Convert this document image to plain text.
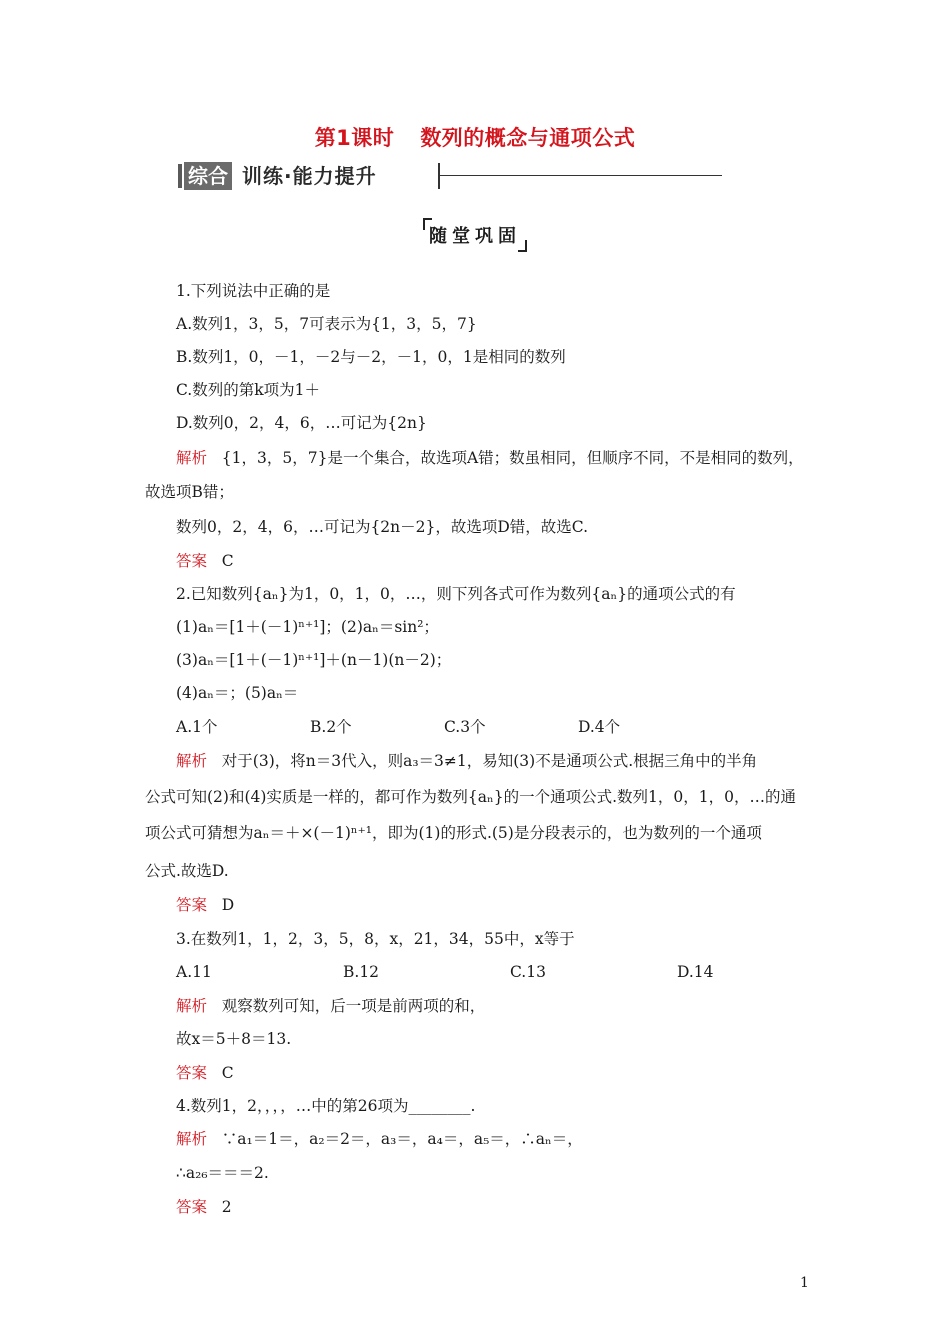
第1课时 数列的概念与通项公式
综合 训练·能力提升
随堂巩固
1.下列说法中正确的是
A.数列1，3，5，7可表示为{1，3，5，7}
B.数列1，0，－1，－2与－2，－1，0，1是相同的数列
C.数列的第k项为1＋
D.数列0，2，4，6，…可记为{2n}
解析 {1，3，5，7}是一个集合，故选项A错；数虽相同，但顺序不同，不是相同的数列，
故选项B错；
数列0，2，4，6，…可记为{2n－2}，故选项D错，故选C.
答案 C
2.已知数列{aₙ}为1，0，1，0，…，则下列各式可作为数列{aₙ}的通项公式的有
(1)aₙ＝[1＋(－1)ⁿ⁺¹]；(2)aₙ＝sin²；
(3)aₙ＝[1＋(－1)ⁿ⁺¹]＋(n－1)(n－2)；
(4)aₙ＝；(5)aₙ＝
A.1个	B.2个	C.3个	D.4个
解析 对于(3)，将n＝3代入，则a₃＝3≠1，易知(3)不是通项公式.根据三角中的半角
公式可知(2)和(4)实质是一样的，都可作为数列{aₙ}的一个通项公式.数列1，0，1，0，…的通
项公式可猜想为aₙ＝＋×(－1)ⁿ⁺¹，即为(1)的形式.(5)是分段表示的，也为数列的一个通项
公式.故选D.
答案 D
3.在数列1，1，2，3，5，8，x，21，34，55中，x等于
A.11	B.12	C.13	D.14
解析 观察数列可知，后一项是前两项的和，
故x＝5＋8＝13.
答案 C
4.数列1，2，，，，…中的第26项为________.
解析 ∵a₁＝1＝，a₂＝2＝，a₃＝，a₄＝，a₅＝，∴aₙ＝，
∴a₂₆＝＝＝2.
答案 2
1
